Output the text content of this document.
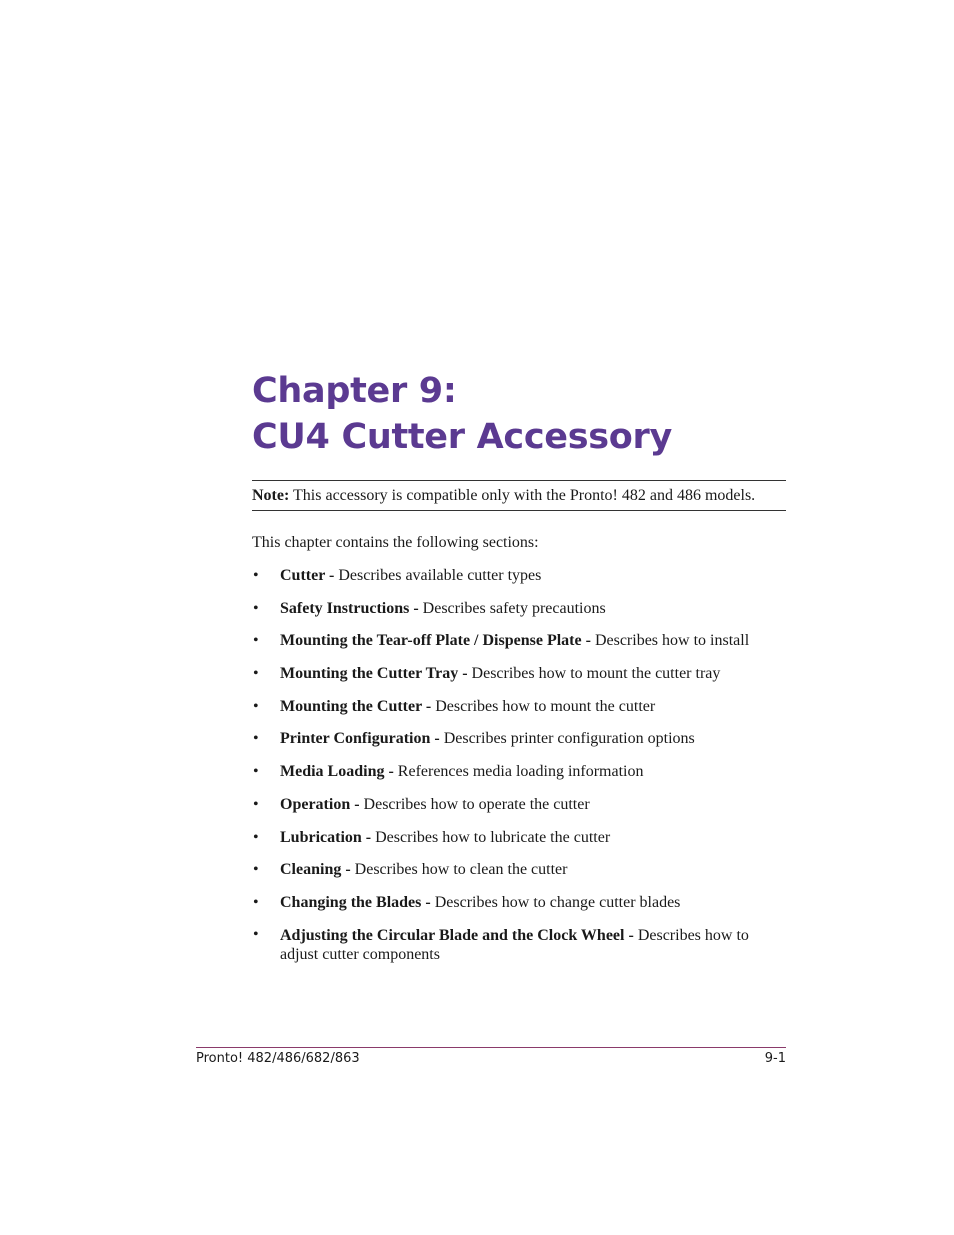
Chapter 9:
CU4 Cutter Accessory
Note: This accessory is compatible only with the Pronto! 482 and 486 models.

This chapter contains the following sections:

• Cutter - Describes available cutter types
• Safety Instructions - Describes safety precautions
• Mounting the Tear-off Plate / Dispense Plate - Describes how to install
• Mounting the Cutter Tray - Describes how to mount the cutter tray
• Mounting the Cutter - Describes how to mount the cutter
• Printer Configuration - Describes printer configuration options
• Media Loading - References media loading information
• Operation - Describes how to operate the cutter
• Lubrication - Describes how to lubricate the cutter
• Cleaning - Describes how to clean the cutter
• Changing the Blades - Describes how to change cutter blades
• Adjusting the Circular Blade and the Clock Wheel - Describes how to adjust cutter components
Pronto! 482/486/682/863	9-1
